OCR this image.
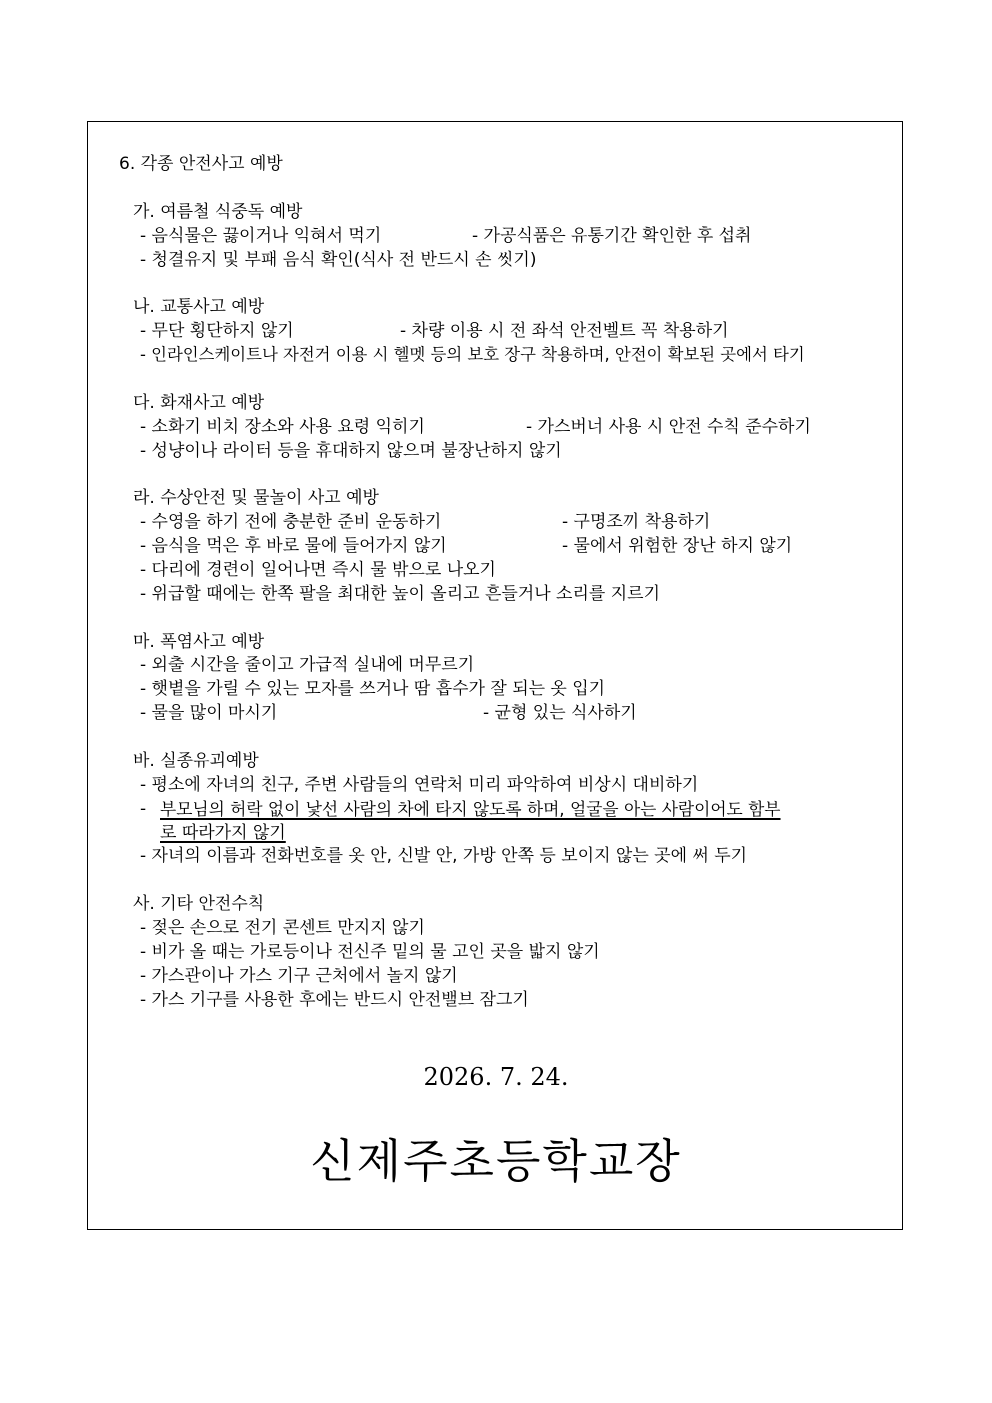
6. 각종 안전사고 예방
가. 여름철 식중독 예방
- 음식물은 끓이거나 익혀서 먹기	- 가공식품은 유통기간 확인한 후 섭취
- 청결유지 및 부패 음식 확인(식사 전 반드시 손 씻기)
나. 교통사고 예방
- 무단 횡단하지 않기	- 차량 이용 시 전 좌석 안전벨트 꼭 착용하기
- 인라인스케이트나 자전거 이용 시 헬멧 등의 보호 장구 착용하며, 안전이 확보된 곳에서 타기
다. 화재사고 예방
- 소화기 비치 장소와 사용 요령 익히기	- 가스버너 사용 시 안전 수칙 준수하기
- 성냥이나 라이터 등을 휴대하지 않으며 불장난하지 않기
라. 수상안전 및 물놀이 사고 예방
- 수영을 하기 전에 충분한 준비 운동하기	- 구명조끼 착용하기
- 음식을 먹은 후 바로 물에 들어가지 않기	- 물에서 위험한 장난 하지 않기
- 다리에 경련이 일어나면 즉시 물 밖으로 나오기
- 위급할 때에는 한쪽 팔을 최대한 높이 올리고 흔들거나 소리를 지르기
마. 폭염사고 예방
- 외출 시간을 줄이고 가급적 실내에 머무르기
- 햇볕을 가릴 수 있는 모자를 쓰거나 땀 흡수가 잘 되는 옷 입기
- 물을 많이 마시기	- 균형 있는 식사하기
바. 실종유괴예방
- 평소에 자녀의 친구, 주변 사람들의 연락처 미리 파악하여 비상시 대비하기
- 부모님의 허락 없이 낯선 사람의 차에 타지 않도록 하며, 얼굴을 아는 사람이어도 함부
로 따라가지 않기
- 자녀의 이름과 전화번호를 옷 안, 신발 안, 가방 안쪽 등 보이지 않는 곳에 써 두기
사. 기타 안전수칙
- 젖은 손으로 전기 콘센트 만지지 않기
- 비가 올 때는 가로등이나 전신주 밑의 물 고인 곳을 밟지 않기
- 가스관이나 가스 기구 근처에서 놀지 않기
- 가스 기구를 사용한 후에는 반드시 안전밸브 잠그기
2026. 7. 24.
신제주초등학교장
